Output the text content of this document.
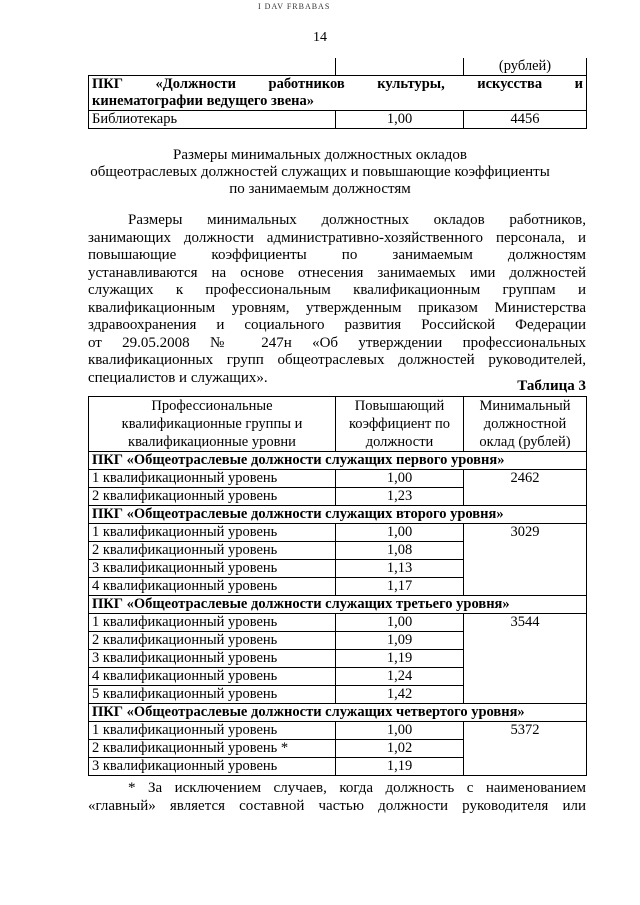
I DAV FRBABAS
14
		(рублей)

ПКГ «Должности работников культуры, искусства и
кинематографии ведущего звена»		

Библиотекарь	1,00	4456
Размеры минимальных должностных окладов
общеотраслевых должностей служащих и повышающие коэффициенты
по занимаемым должностям
Размеры минимальных должностных окладов работников,
занимающих должности административно-хозяйственного персонала, и
повышающие коэффициенты по занимаемым должностям
устанавливаются на основе отнесения занимаемых ими должностей
служащих к профессиональным квалификационным группам и
квалификационным уровням, утвержденным приказом Министерства
здравоохранения и социального развития Российской Федерации
от 29.05.2008 № 247н «Об утверждении профессиональных
квалификационных групп общеотраслевых должностей руководителей,
специалистов и служащих».
Таблица 3
Профессиональные квалификационные группы и квалификационные уровни	Повышающий коэффициент по должности	Минимальный должностной оклад (рублей)
ПКГ «Общеотраслевые должности служащих первого уровня»		
1 квалификационный уровень	1,00	2462
2 квалификационный уровень	1,23	
ПКГ «Общеотраслевые должности служащих второго уровня»		
1 квалификационный уровень	1,00	3029
2 квалификационный уровень	1,08	
3 квалификационный уровень	1,13	
4 квалификационный уровень	1,17	
ПКГ «Общеотраслевые должности служащих третьего уровня»		
1 квалификационный уровень	1,00	3544
2 квалификационный уровень	1,09	
3 квалификационный уровень	1,19	
4 квалификационный уровень	1,24	
5 квалификационный уровень	1,42	
ПКГ «Общеотраслевые должности служащих четвертого уровня»		
1 квалификационный уровень	1,00	5372
2 квалификационный уровень *	1,02	
3 квалификационный уровень	1,19	
* За исключением случаев, когда должность с наименованием
«главный» является составной частью должности руководителя или
